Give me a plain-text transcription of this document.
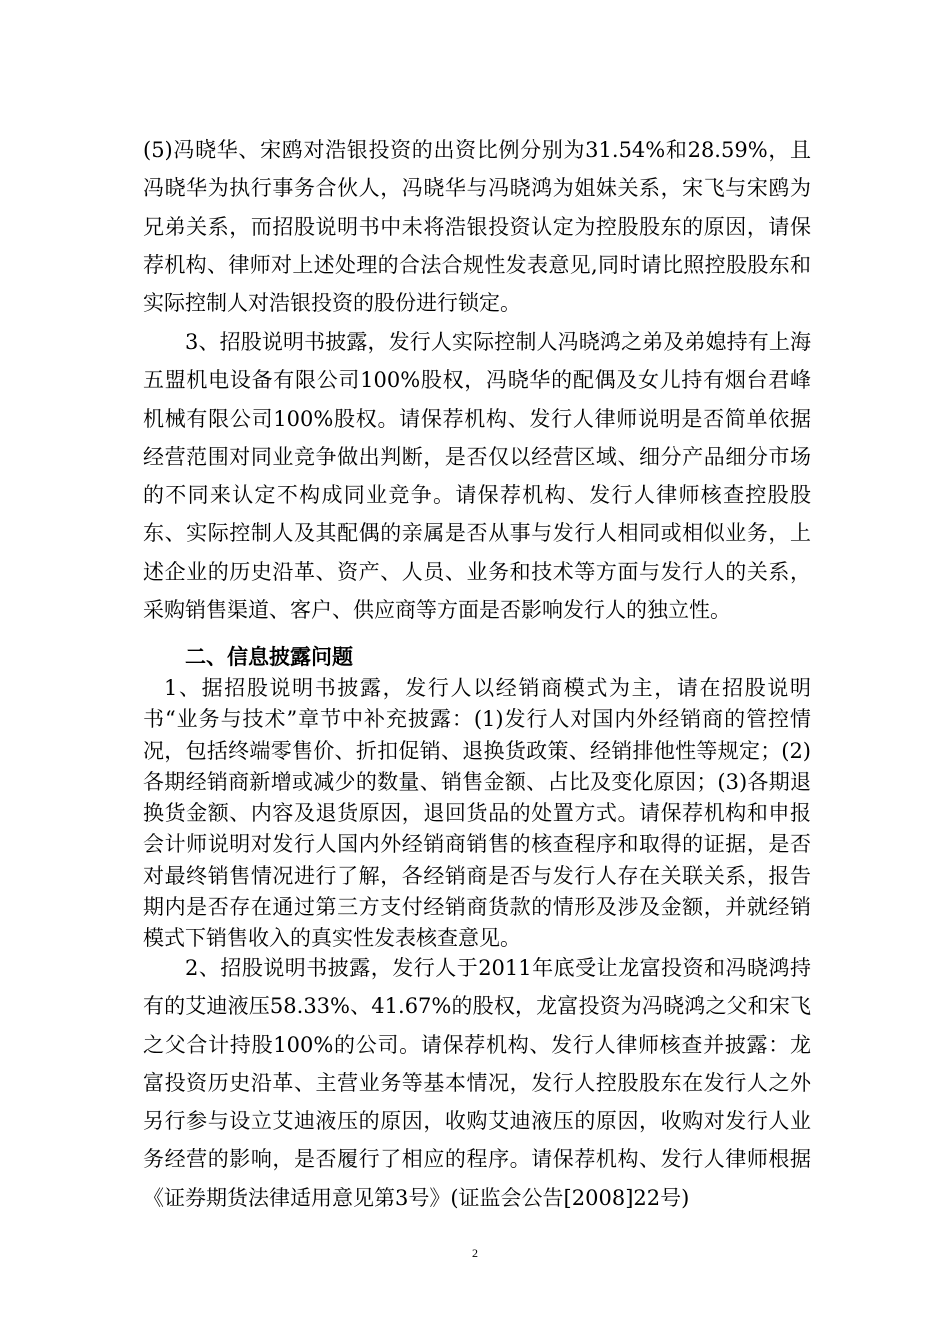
(5)冯晓华、宋鸥对浩银投资的出资比例分别为31.54%和28.59%，且冯晓华为执行事务合伙人，冯晓华与冯晓鸿为姐妹关系，宋飞与宋鸥为兄弟关系，而招股说明书中未将浩银投资认定为控股股东的原因，请保荐机构、律师对上述处理的合法合规性发表意见,同时请比照控股股东和实际控制人对浩银投资的股份进行锁定。

3、招股说明书披露，发行人实际控制人冯晓鸿之弟及弟媳持有上海五盟机电设备有限公司100%股权，冯晓华的配偶及女儿持有烟台君峰机械有限公司100%股权。请保荐机构、发行人律师说明是否简单依据经营范围对同业竞争做出判断，是否仅以经营区域、细分产品细分市场的不同来认定不构成同业竞争。请保荐机构、发行人律师核查控股股东、实际控制人及其配偶的亲属是否从事与发行人相同或相似业务，上述企业的历史沿革、资产、人员、业务和技术等方面与发行人的关系，采购销售渠道、客户、供应商等方面是否影响发行人的独立性。

二、信息披露问题

1、据招股说明书披露，发行人以经销商模式为主，请在招股说明书“业务与技术”章节中补充披露：(1)发行人对国内外经销商的管控情况，包括终端零售价、折扣促销、退换货政策、经销排他性等规定；(2)各期经销商新增或减少的数量、销售金额、占比及变化原因；(3)各期退换货金额、内容及退货原因，退回货品的处置方式。请保荐机构和申报会计师说明对发行人国内外经销商销售的核查程序和取得的证据，是否对最终销售情况进行了解，各经销商是否与发行人存在关联关系，报告期内是否存在通过第三方支付经销商货款的情形及涉及金额，并就经销模式下销售收入的真实性发表核查意见。

2、招股说明书披露，发行人于2011年底受让龙富投资和冯晓鸿持有的艾迪液压58.33%、41.67%的股权，龙富投资为冯晓鸿之父和宋飞之父合计持股100%的公司。请保荐机构、发行人律师核查并披露：龙富投资历史沿革、主营业务等基本情况，发行人控股股东在发行人之外另行参与设立艾迪液压的原因，收购艾迪液压的原因，收购对发行人业务经营的影响，是否履行了相应的程序。请保荐机构、发行人律师根据《证券期货法律适用意见第3号》(证监会公告[2008]22号)

2
